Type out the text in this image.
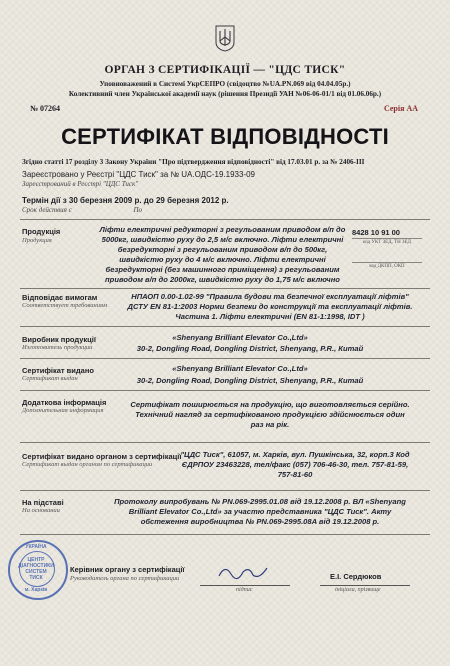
ОРГАН З СЕРТИФІКАЦІЇ — "ЦДС ТИСК"
Уповноважений в Системі УкрСЕПРО (свідоцтво №UA.PN.069 від 04.04.05р.)
Колективний член Української академії наук (рішення Президії УАН №06-06-01/1 від 01.06.06р.)
№ 07264	Серія АА
СЕРТИФІКАТ ВІДПОВІДНОСТІ
Згідно статті 17 розділу 3 Закону України "Про підтвердження відповідності" від 17.03.01 р. за № 2406-III
Зареєстровано у Реєстрі "ЦДС Тиск" за № UA.ОДС-19.1933-09
Зареєстрований в Реєстрі "ЦДС Тиск"
Термін дії з 30 березня 2009 р. до 29 березня 2012 р.
Срок действия с	По
Продукція
Продукция
Ліфти електричні редукторні з регульованим приводом в/п до 5000кг, швидкістю руху до 2,5 м/с включно. Ліфти електричні безредукторні з регульованим приводом в/п до 500кг, швидкістю руху до 4 м/с включно. Ліфти електричні безредукторні (без машинного приміщення) з регульованим приводом в/п до 2000кг, швидкістю руху до 1,75 м/с включно
8428 10 91 00
код УКТ ЗЕД, ТН ЗЕД
код ДКПП, ОКП
Відповідає вимогам
Соответствует требованиям
НПАОП 0.00-1.02-99 "Правила будови та безпечної експлуатації ліфтів" ДСТУ EN 81-1:2003 Норми безпеки до конструкції та експлуатації ліфтів. Частина 1. Ліфти електричні (EN 81-1:1998, IDT )
Виробник продукції
Изготовитель продукции
«Shenyang Brilliant Elevator Co.,Ltd»
30-2, Dongling Road, Dongling District, Shenyang, P.R., Китай
Сертифікат видано
Сертификат выдан
«Shenyang Brilliant Elevator Co.,Ltd»
30-2, Dongling Road, Dongling District, Shenyang, P.R., Китай
Додаткова інформація
Дополнительная информация
Сертифікат поширюється на продукцію, що виготовляється серійно. Технічний нагляд за сертифікованою продукцією здійснюється один раз на рік.
Сертифікат видано органом з сертифікації
Сертификат выдан органом по сертификации
"ЦДС Тиск", 61057, м. Харків, вул. Пушкінська, 32, корп.3 Код ЄДРПОУ 23463228, тел/факс (057) 706-46-30, тел. 757-81-59, 757-81-60
На підставі
На основании
Протоколу випробувань № PN.069-2995.01.08 від 19.12.2008 р. ВЛ «Shenyang Brilliant Elevator Co.,Ltd» за участю представника "ЦДС Тиск". Акту обстеження виробництва № PN.069-2995.08A від 19.12.2008 р.
УКРАЇНА
ЦЕНТР
ДІАГНОСТИКИ
СИСТЕМ
ТИСК
м. Харків
Керівник органу з сертифікації
Руководитель органа по сертификации
підпис
Е.І. Сердюков
ініціали, прізвище
